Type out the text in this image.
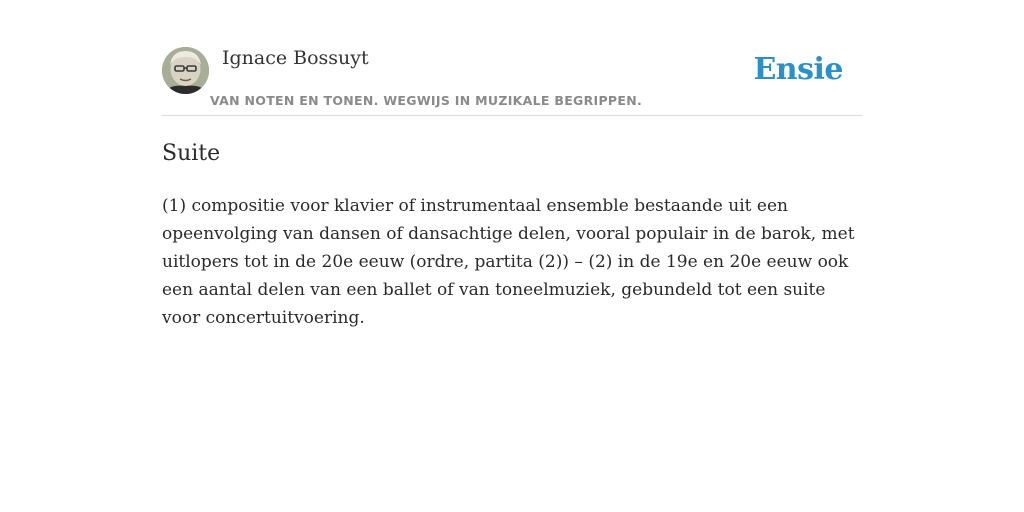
Ignace Bossuyt
VAN NOTEN EN TONEN. WEGWIJS IN MUZIKALE BEGRIPPEN.
Ensie
Suite

(1) compositie voor klavier of instrumentaal ensemble bestaande uit een
opeenvolging van dansen of dansachtige delen, vooral populair in de barok, met
uitlopers tot in de 20e eeuw (ordre, partita (2)) – (2) in de 19e en 20e eeuw ook
een aantal delen van een ballet of van toneelmuziek, gebundeld tot een suite
voor concertuitvoering.
